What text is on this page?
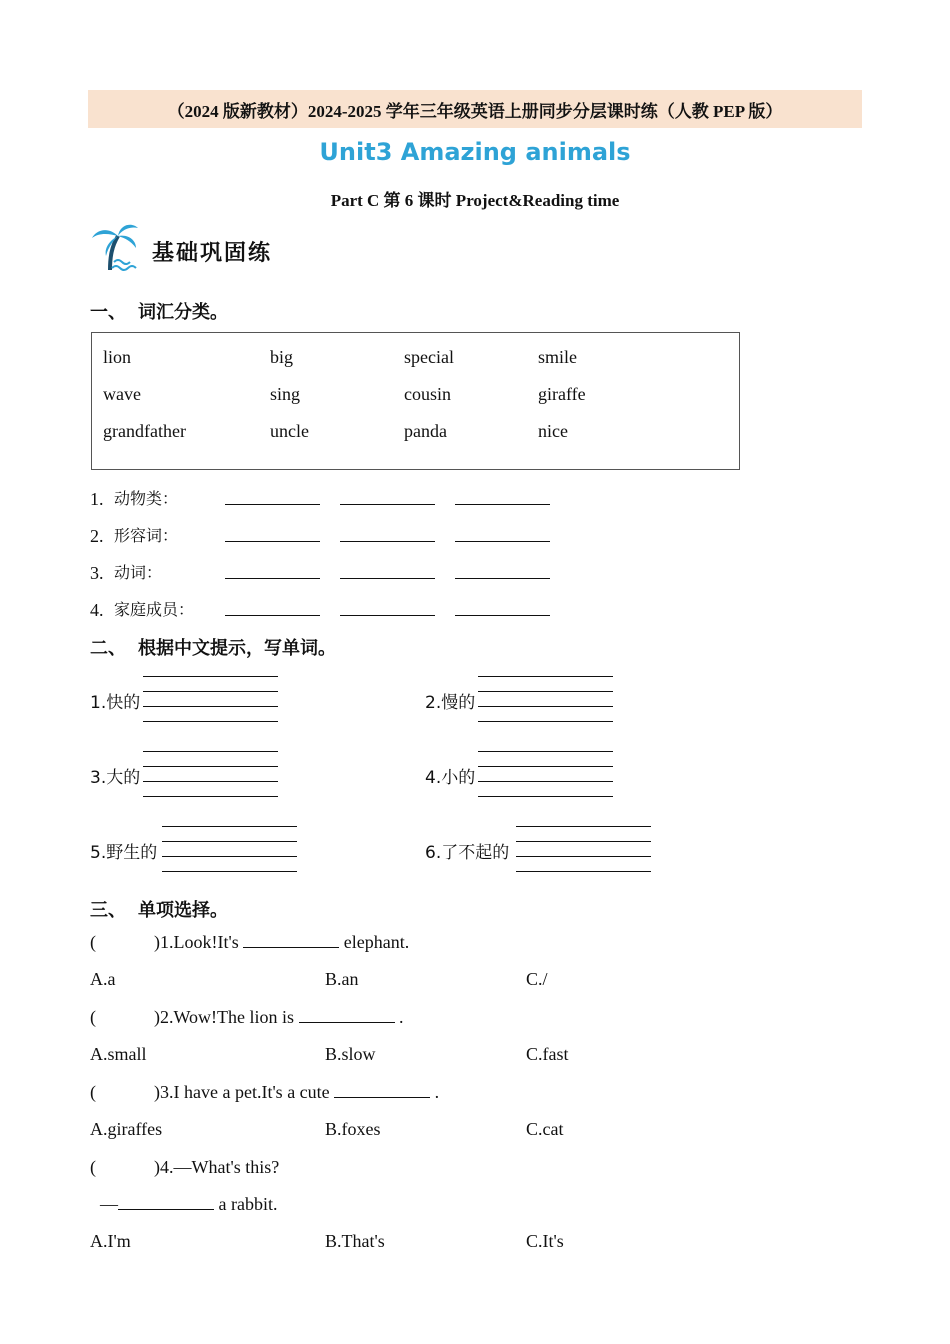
（2024 版新教材）2024-2025 学年三年级英语上册同步分层课时练（人教 PEP 版）
Unit3 Amazing animals
Part C 第 6 课时 Project&Reading time
基础巩固练
一、 词汇分类。
lion	big	special	smile
wave	sing	cousin	giraffe
grandfather	uncle	panda	nice
1. 动物类：
2. 形容词：
3. 动词：
4. 家庭成员：
二、 根据中文提示，写单词。
1.快的	2.慢的
3.大的	4.小的
5.野生的	6.了不起的
三、 单项选择。
(	)1.Look!It's	elephant.
A.a	B.an	C./
(	)2.Wow!The lion is	.
A.small	B.slow	C.fast
(	)3.I have a pet.It's a cute	.
A.giraffes	B.foxes	C.cat
(	)4.—What's this?
—	a rabbit.
A.I'm	B.That's	C.It's
